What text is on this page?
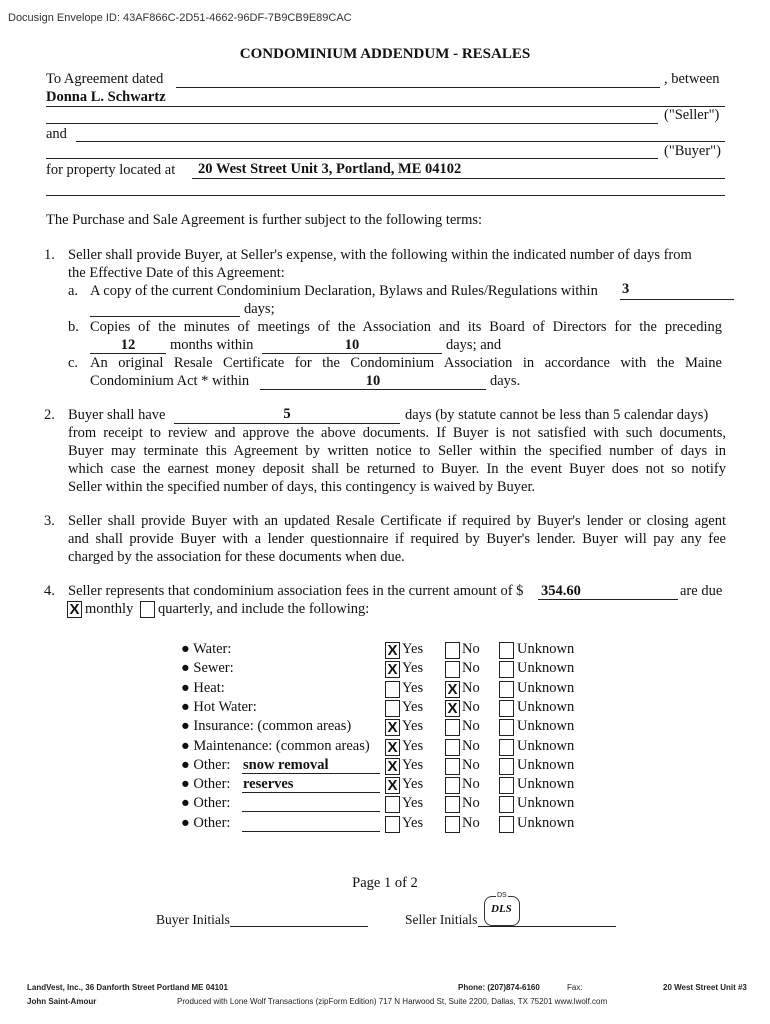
Docusign Envelope ID: 43AF866C-2D51-4662-96DF-7B9CB9E89CAC
CONDOMINIUM ADDENDUM - RESALES
To Agreement dated	, between
Donna L. Schwartz
("Seller")
and
("Buyer")
for property located at 20 West Street Unit 3, Portland, ME 04102
The Purchase and Sale Agreement is further subject to the following terms:
1. Seller shall provide Buyer, at Seller's expense, with the following within the indicated number of days from
the Effective Date of this Agreement:
a. A copy of the current Condominium Declaration, Bylaws and Rules/Regulations within 3
days;
b. Copies of the minutes of meetings of the Association and its Board of Directors for the preceding
12	months within	10	days; and
c. An original Resale Certificate for the Condominium Association in accordance with the Maine
Condominium Act * within	10	days.
2. Buyer shall have	5	days (by statute cannot be less than 5 calendar days)
from receipt to review and approve the above documents. If Buyer is not satisfied with such documents,
Buyer may terminate this Agreement by written notice to Seller within the specified number of days in
which case the earnest money deposit shall be returned to Buyer. In the event Buyer does not so notify
Seller within the specified number of days, this contingency is waived by Buyer.
3. Seller shall provide Buyer with an updated Resale Certificate if required by Buyer's lender or closing agent
and shall provide Buyer with a lender questionnaire if required by Buyer's lender. Buyer will pay any fee
charged by the association for these documents when due.
4. Seller represents that condominium association fees in the current amount of $ 354.60	are due
X monthly quarterly, and include the following:
● Water:	X Yes	No	Unknown
● Sewer:	X Yes	No	Unknown
● Heat:	Yes X No	Unknown
● Hot Water:	Yes X No	Unknown
● Insurance: (common areas) X Yes	No	Unknown
● Maintenance: (common areas) X Yes	No	Unknown
● Other: snow removal	X Yes	No	Unknown
● Other: reserves	X Yes	No	Unknown
● Other:	Yes	No	Unknown
● Other:	Yes	No	Unknown
Page 1 of 2
Buyer Initials	Seller Initials
DS
DLS
LandVest, Inc., 36 Danforth Street Portland ME 04101	Phone: (207)874-6160	Fax:	20 West Street Unit #3
John Saint-Amour	Produced with Lone Wolf Transactions (zipForm Edition) 717 N Harwood St, Suite 2200, Dallas, TX 75201 www.lwolf.com
